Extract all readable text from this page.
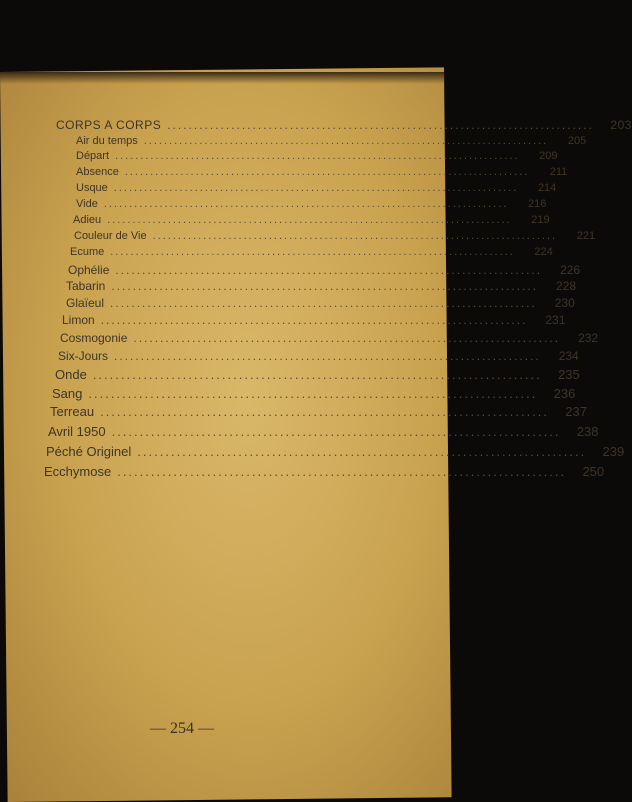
CORPS A CORPS ................................................................................	203
Air du temps ................................................................................	205
Départ ................................................................................	209
Absence ................................................................................	211
Usque ................................................................................	214
Vide ................................................................................	216
Adieu ................................................................................	219
Couleur de Vie ................................................................................	221
Ecume ................................................................................	224
Ophélie ................................................................................	226
Tabarin ................................................................................	228
Glaïeul ................................................................................	230
Limon ................................................................................	231
Cosmogonie ................................................................................	232
Six-Jours ................................................................................	234
Onde ................................................................................	235
Sang ................................................................................	236
Terreau ................................................................................	237
Avril 1950 ................................................................................	238
Péché Originel ................................................................................	239
Ecchymose ................................................................................	250
— 254 —
